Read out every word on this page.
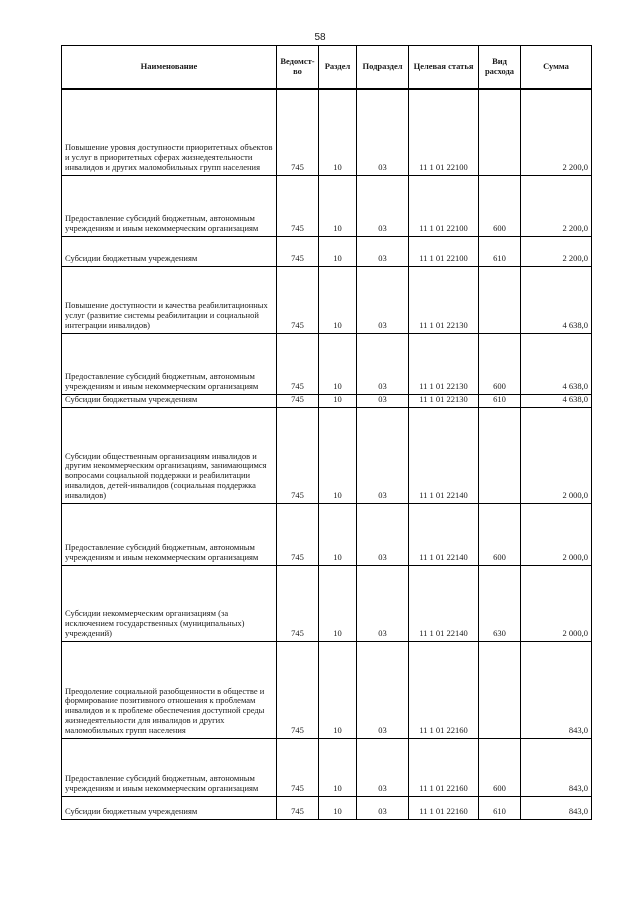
58
Наименование	Ведомст-во	Раздел	Подраздел	Целевая статья	Вид расхода	Сумма
Повышение уровня доступности приоритетных объектов и услуг в приоритетных сферах жизнедеятельности инвалидов и других маломобильных групп населения	745	10	03	11 1 01 22100		2 200,0
Предоставление субсидий бюджетным, автономным учреждениям и иным некоммерческим организациям	745	10	03	11 1 01 22100	600	2 200,0
Субсидии бюджетным учреждениям	745	10	03	11 1 01 22100	610	2 200,0
Повышение доступности и качества реабилитационных услуг (развитие системы реабилитации и социальной интеграции инвалидов)	745	10	03	11 1 01 22130		4 638,0
Предоставление субсидий бюджетным, автономным учреждениям и иным некоммерческим организациям	745	10	03	11 1 01 22130	600	4 638,0
Субсидии бюджетным учреждениям	745	10	03	11 1 01 22130	610	4 638,0
Субсидии общественным организациям инвалидов и другим некоммерческим организациям, занимающимся вопросами социальной поддержки и реабилитации инвалидов, детей-инвалидов (социальная поддержка инвалидов)	745	10	03	11 1 01 22140		2 000,0
Предоставление субсидий бюджетным, автономным учреждениям и иным некоммерческим организациям	745	10	03	11 1 01 22140	600	2 000,0
Субсидии некоммерческим организациям (за исключением государственных (муниципальных) учреждений)	745	10	03	11 1 01 22140	630	2 000,0
Преодоление социальной разобщенности в обществе и формирование позитивного отношения к проблемам инвалидов и к проблеме обеспечения доступной среды жизнедеятельности для инвалидов и других маломобильных групп населения	745	10	03	11 1 01 22160		843,0
Предоставление субсидий бюджетным, автономным учреждениям и иным некоммерческим организациям	745	10	03	11 1 01 22160	600	843,0
Субсидии бюджетным учреждениям	745	10	03	11 1 01 22160	610	843,0
